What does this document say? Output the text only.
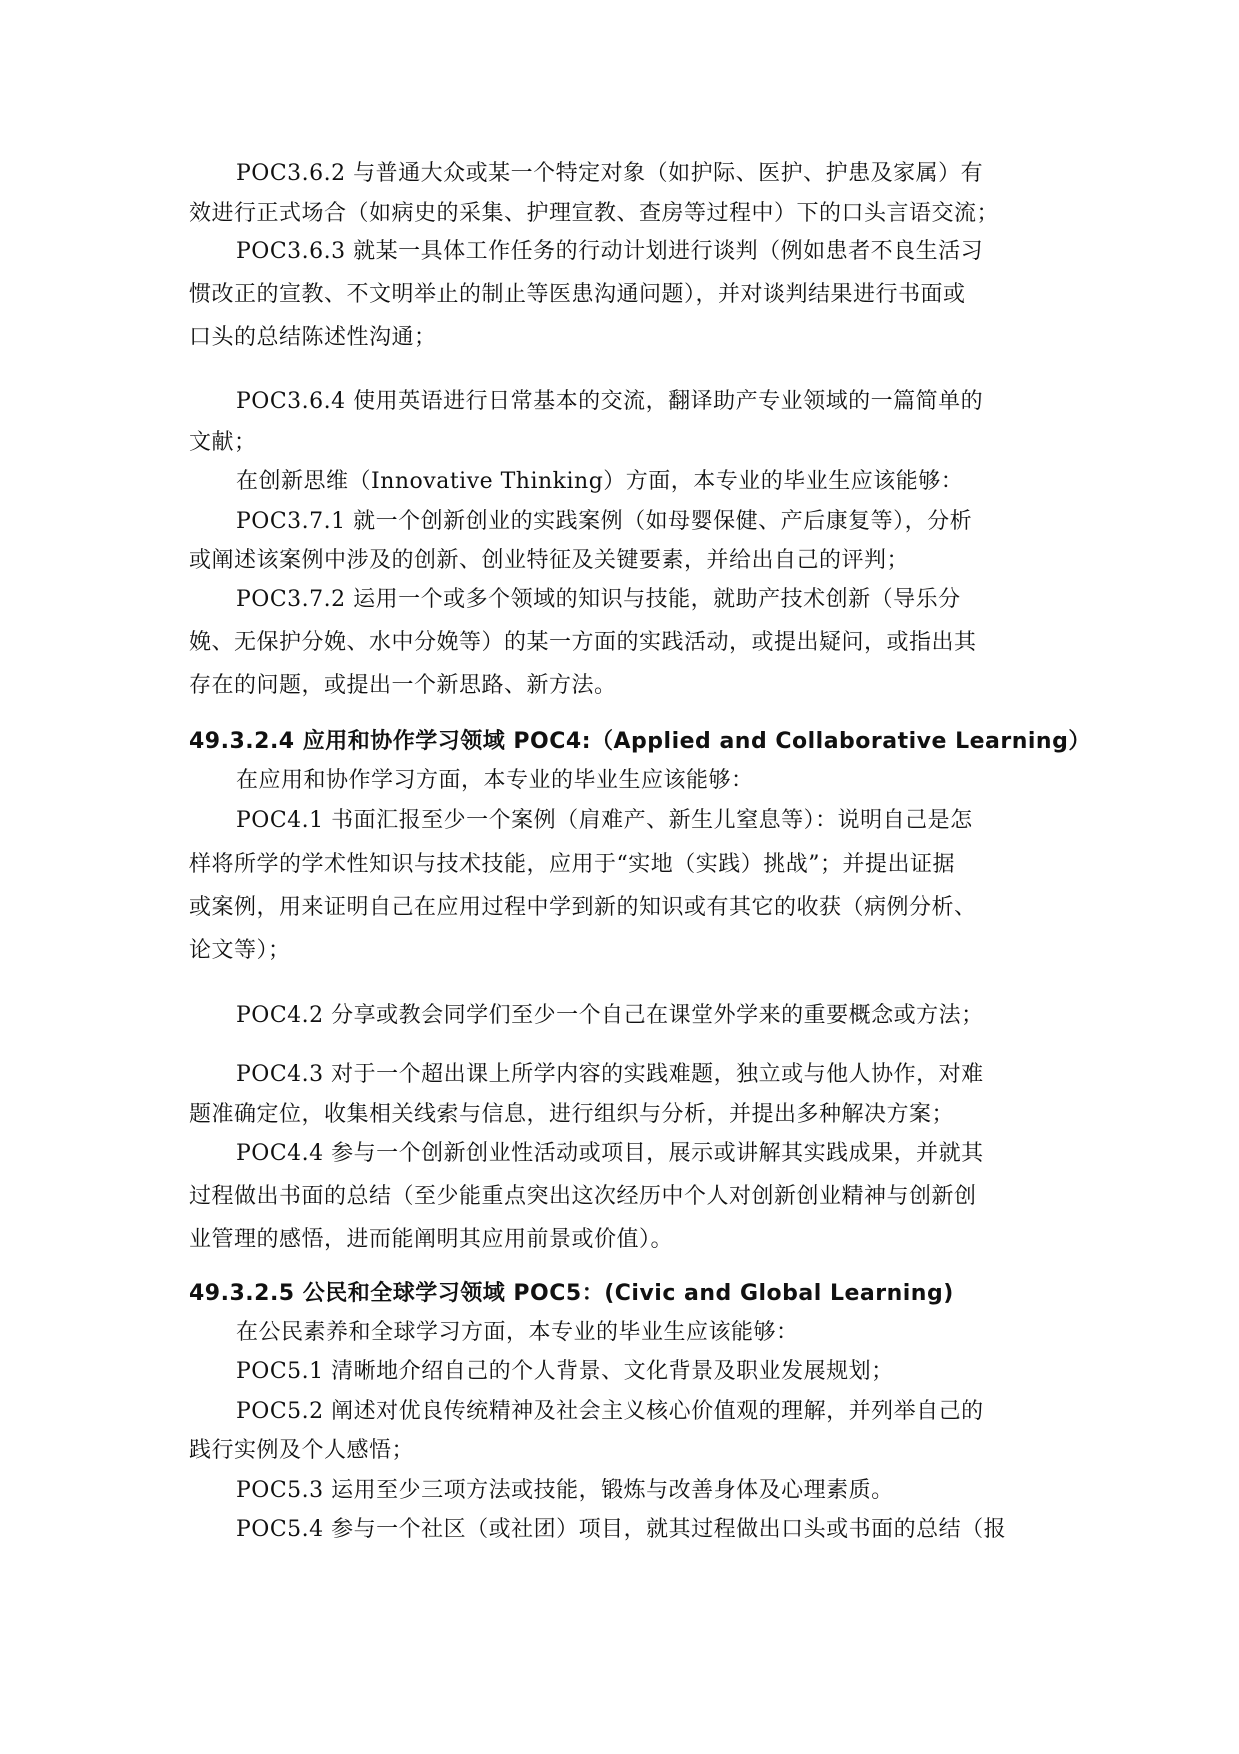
POC3.6.2 与普通大众或某一个特定对象（如护际、医护、护患及家属）有
效进行正式场合（如病史的采集、护理宣教、查房等过程中）下的口头言语交流；
POC3.6.3 就某一具体工作任务的行动计划进行谈判（例如患者不良生活习
惯改正的宣教、不文明举止的制止等医患沟通问题），并对谈判结果进行书面或
口头的总结陈述性沟通；
POC3.6.4 使用英语进行日常基本的交流，翻译助产专业领域的一篇简单的
文献；
在创新思维（Innovative Thinking）方面，本专业的毕业生应该能够：
POC3.7.1 就一个创新创业的实践案例（如母婴保健、产后康复等），分析
或阐述该案例中涉及的创新、创业特征及关键要素，并给出自己的评判；
POC3.7.2 运用一个或多个领域的知识与技能，就助产技术创新（导乐分
娩、无保护分娩、水中分娩等）的某一方面的实践活动，或提出疑问，或指出其
存在的问题，或提出一个新思路、新方法。
49.3.2.4 应用和协作学习领域 POC4:（Applied and Collaborative Learning）
在应用和协作学习方面，本专业的毕业生应该能够：
POC4.1 书面汇报至少一个案例（肩难产、新生儿窒息等）：说明自己是怎
样将所学的学术性知识与技术技能，应用于“实地（实践）挑战”；并提出证据
或案例，用来证明自己在应用过程中学到新的知识或有其它的收获（病例分析、
论文等）；
POC4.2 分享或教会同学们至少一个自己在课堂外学来的重要概念或方法；
POC4.3 对于一个超出课上所学内容的实践难题，独立或与他人协作，对难
题准确定位，收集相关线索与信息，进行组织与分析，并提出多种解决方案；
POC4.4 参与一个创新创业性活动或项目，展示或讲解其实践成果，并就其
过程做出书面的总结（至少能重点突出这次经历中个人对创新创业精神与创新创
业管理的感悟，进而能阐明其应用前景或价值）。
49.3.2.5 公民和全球学习领域 POC5：(Civic and Global Learning)
在公民素养和全球学习方面，本专业的毕业生应该能够：
POC5.1 清晰地介绍自己的个人背景、文化背景及职业发展规划；
POC5.2 阐述对优良传统精神及社会主义核心价值观的理解，并列举自己的
践行实例及个人感悟；
POC5.3 运用至少三项方法或技能，锻炼与改善身体及心理素质。
POC5.4 参与一个社区（或社团）项目，就其过程做出口头或书面的总结（报
